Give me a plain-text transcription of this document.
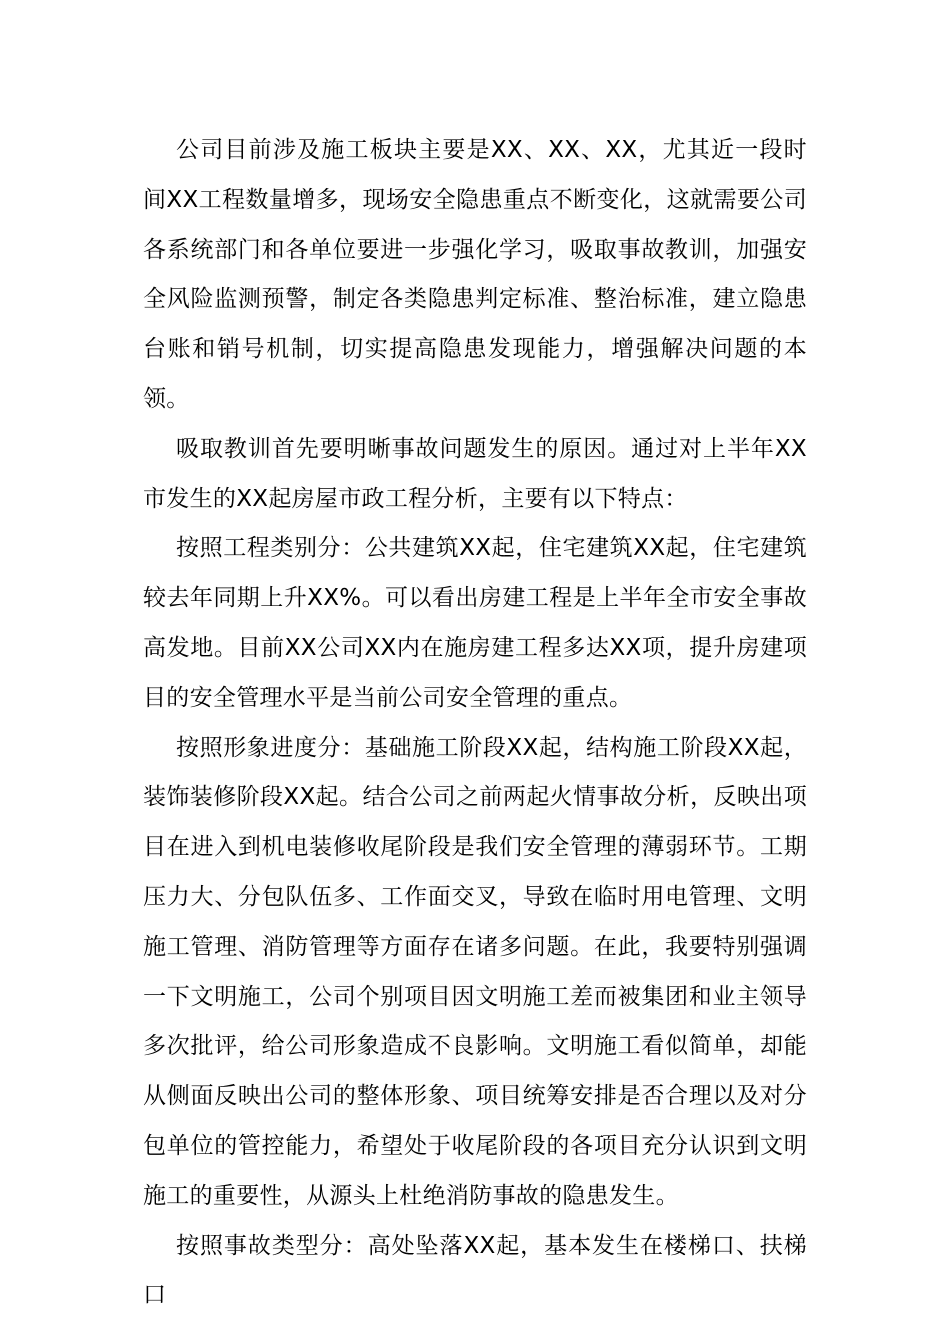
公司目前涉及施工板块主要是XX、XX、XX，尤其近一段时间XX工程数量增多，现场安全隐患重点不断变化，这就需要公司各系统部门和各单位要进一步强化学习，吸取事故教训，加强安全风险监测预警，制定各类隐患判定标准、整治标准，建立隐患台账和销号机制，切实提高隐患发现能力，增强解决问题的本领。

吸取教训首先要明晰事故问题发生的原因。通过对上半年XX市发生的XX起房屋市政工程分析，主要有以下特点：

按照工程类别分：公共建筑XX起，住宅建筑XX起，住宅建筑较去年同期上升XX%。可以看出房建工程是上半年全市安全事故高发地。目前XX公司XX内在施房建工程多达XX项，提升房建项目的安全管理水平是当前公司安全管理的重点。

按照形象进度分：基础施工阶段XX起，结构施工阶段XX起，装饰装修阶段XX起。结合公司之前两起火情事故分析，反映出项目在进入到机电装修收尾阶段是我们安全管理的薄弱环节。工期压力大、分包队伍多、工作面交叉，导致在临时用电管理、文明施工管理、消防管理等方面存在诸多问题。在此，我要特别强调一下文明施工，公司个别项目因文明施工差而被集团和业主领导多次批评，给公司形象造成不良影响。文明施工看似简单，却能从侧面反映出公司的整体形象、项目统筹安排是否合理以及对分包单位的管控能力，希望处于收尾阶段的各项目充分认识到文明施工的重要性，从源头上杜绝消防事故的隐患发生。

按照事故类型分：高处坠落XX起，基本发生在楼梯口、扶梯口
